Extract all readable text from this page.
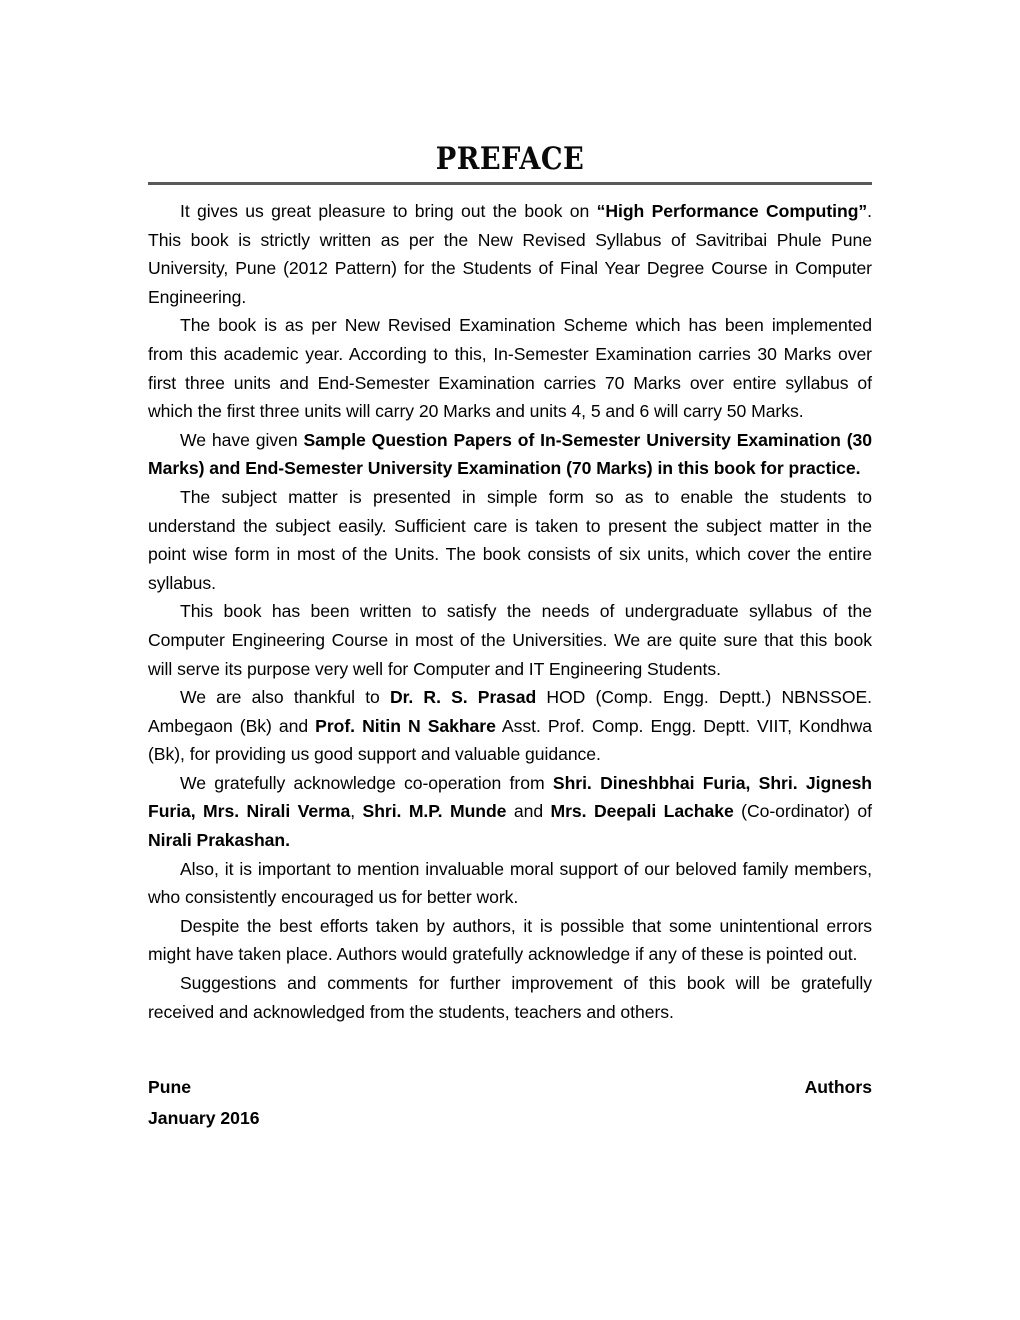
PREFACE

It gives us great pleasure to bring out the book on “High Performance Computing”. This book is strictly written as per the New Revised Syllabus of Savitribai Phule Pune University, Pune (2012 Pattern) for the Students of Final Year Degree Course in Computer Engineering.

The book is as per New Revised Examination Scheme which has been implemented from this academic year. According to this, In-Semester Examination carries 30 Marks over first three units and End-Semester Examination carries 70 Marks over entire syllabus of which the first three units will carry 20 Marks and units 4, 5 and 6 will carry 50 Marks.

We have given Sample Question Papers of In-Semester University Examination (30 Marks) and End-Semester University Examination (70 Marks) in this book for practice.

The subject matter is presented in simple form so as to enable the students to understand the subject easily. Sufficient care is taken to present the subject matter in the point wise form in most of the Units. The book consists of six units, which cover the entire syllabus.

This book has been written to satisfy the needs of undergraduate syllabus of the Computer Engineering Course in most of the Universities. We are quite sure that this book will serve its purpose very well for Computer and IT Engineering Students.

We are also thankful to Dr. R. S. Prasad HOD (Comp. Engg. Deptt.) NBNSSOE. Ambegaon (Bk) and Prof. Nitin N Sakhare Asst. Prof. Comp. Engg. Deptt. VIIT, Kondhwa (Bk), for providing us good support and valuable guidance.

We gratefully acknowledge co-operation from Shri. Dineshbhai Furia, Shri. Jignesh Furia, Mrs. Nirali Verma, Shri. M.P. Munde and Mrs. Deepali Lachake (Co-ordinator) of Nirali Prakashan.

Also, it is important to mention invaluable moral support of our beloved family members, who consistently encouraged us for better work.

Despite the best efforts taken by authors, it is possible that some unintentional errors might have taken place. Authors would gratefully acknowledge if any of these is pointed out.

Suggestions and comments for further improvement of this book will be gratefully received and acknowledged from the students, teachers and others.

Pune	Authors
January 2016
